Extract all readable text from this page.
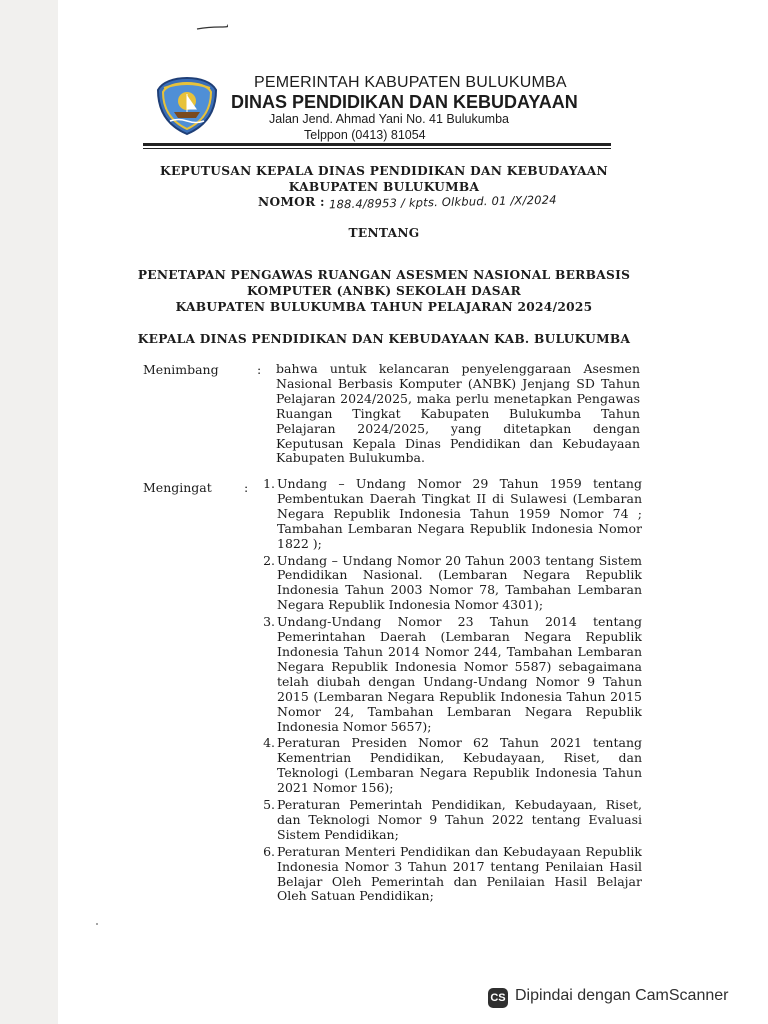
PEMERINTAH KABUPATEN BULUKUMBA
DINAS PENDIDIKAN DAN KEBUDAYAAN
Jalan Jend. Ahmad Yani No. 41 Bulukumba
Telppon (0413) 81054
KEPUTUSAN KEPALA DINAS PENDIDIKAN DAN KEBUDAYAAN
KABUPATEN BULUKUMBA
NOMOR : 188.4/8953 / kpts. Olkbud. 01 /X/2024
TENTANG
PENETAPAN PENGAWAS RUANGAN ASESMEN NASIONAL BERBASIS
KOMPUTER (ANBK) SEKOLAH DASAR
KABUPATEN BULUKUMBA TAHUN PELAJARAN 2024/2025
KEPALA DINAS PENDIDIKAN DAN KEBUDAYAAN KAB. BULUKUMBA
Menimbang	: bahwa untuk kelancaran penyelenggaraan Asesmen Nasional Berbasis Komputer (ANBK) Jenjang SD Tahun Pelajaran 2024/2025, maka perlu menetapkan Pengawas Ruangan Tingkat Kabupaten Bulukumba Tahun Pelajaran 2024/2025, yang ditetapkan dengan Keputusan Kepala Dinas Pendidikan dan Kebudayaan Kabupaten Bulukumba.

Mengingat	:	1. Undang – Undang Nomor 29 Tahun 1959 tentang Pembentukan Daerah Tingkat II di Sulawesi (Lembaran Negara Republik Indonesia Tahun 1959 Nomor 74 ; Tambahan Lembaran Negara Republik Indonesia Nomor 1822 );
2. Undang – Undang Nomor 20 Tahun 2003 tentang Sistem Pendidikan Nasional. (Lembaran Negara Republik Indonesia Tahun 2003 Nomor 78, Tambahan Lembaran Negara Republik Indonesia Nomor 4301);
3. Undang-Undang Nomor 23 Tahun 2014 tentang Pemerintahan Daerah (Lembaran Negara Republik Indonesia Tahun 2014 Nomor 244, Tambahan Lembaran Negara Republik Indonesia Nomor 5587) sebagaimana telah diubah dengan Undang-Undang Nomor 9 Tahun 2015 (Lembaran Negara Republik Indonesia Tahun 2015 Nomor 24, Tambahan Lembaran Negara Republik Indonesia Nomor 5657);
4. Peraturan Presiden Nomor 62 Tahun 2021 tentang Kementrian Pendidikan, Kebudayaan, Riset, dan Teknologi (Lembaran Negara Republik Indonesia Tahun 2021 Nomor 156);
5. Peraturan Pemerintah Pendidikan, Kebudayaan, Riset, dan Teknologi Nomor 9 Tahun 2022 tentang Evaluasi Sistem Pendidikan;
6. Peraturan Menteri Pendidikan dan Kebudayaan Republik Indonesia Nomor 3 Tahun 2017 tentang Penilaian Hasil Belajar Oleh Pemerintah dan Penilaian Hasil Belajar Oleh Satuan Pendidikan;
CS Dipindai dengan CamScanner
